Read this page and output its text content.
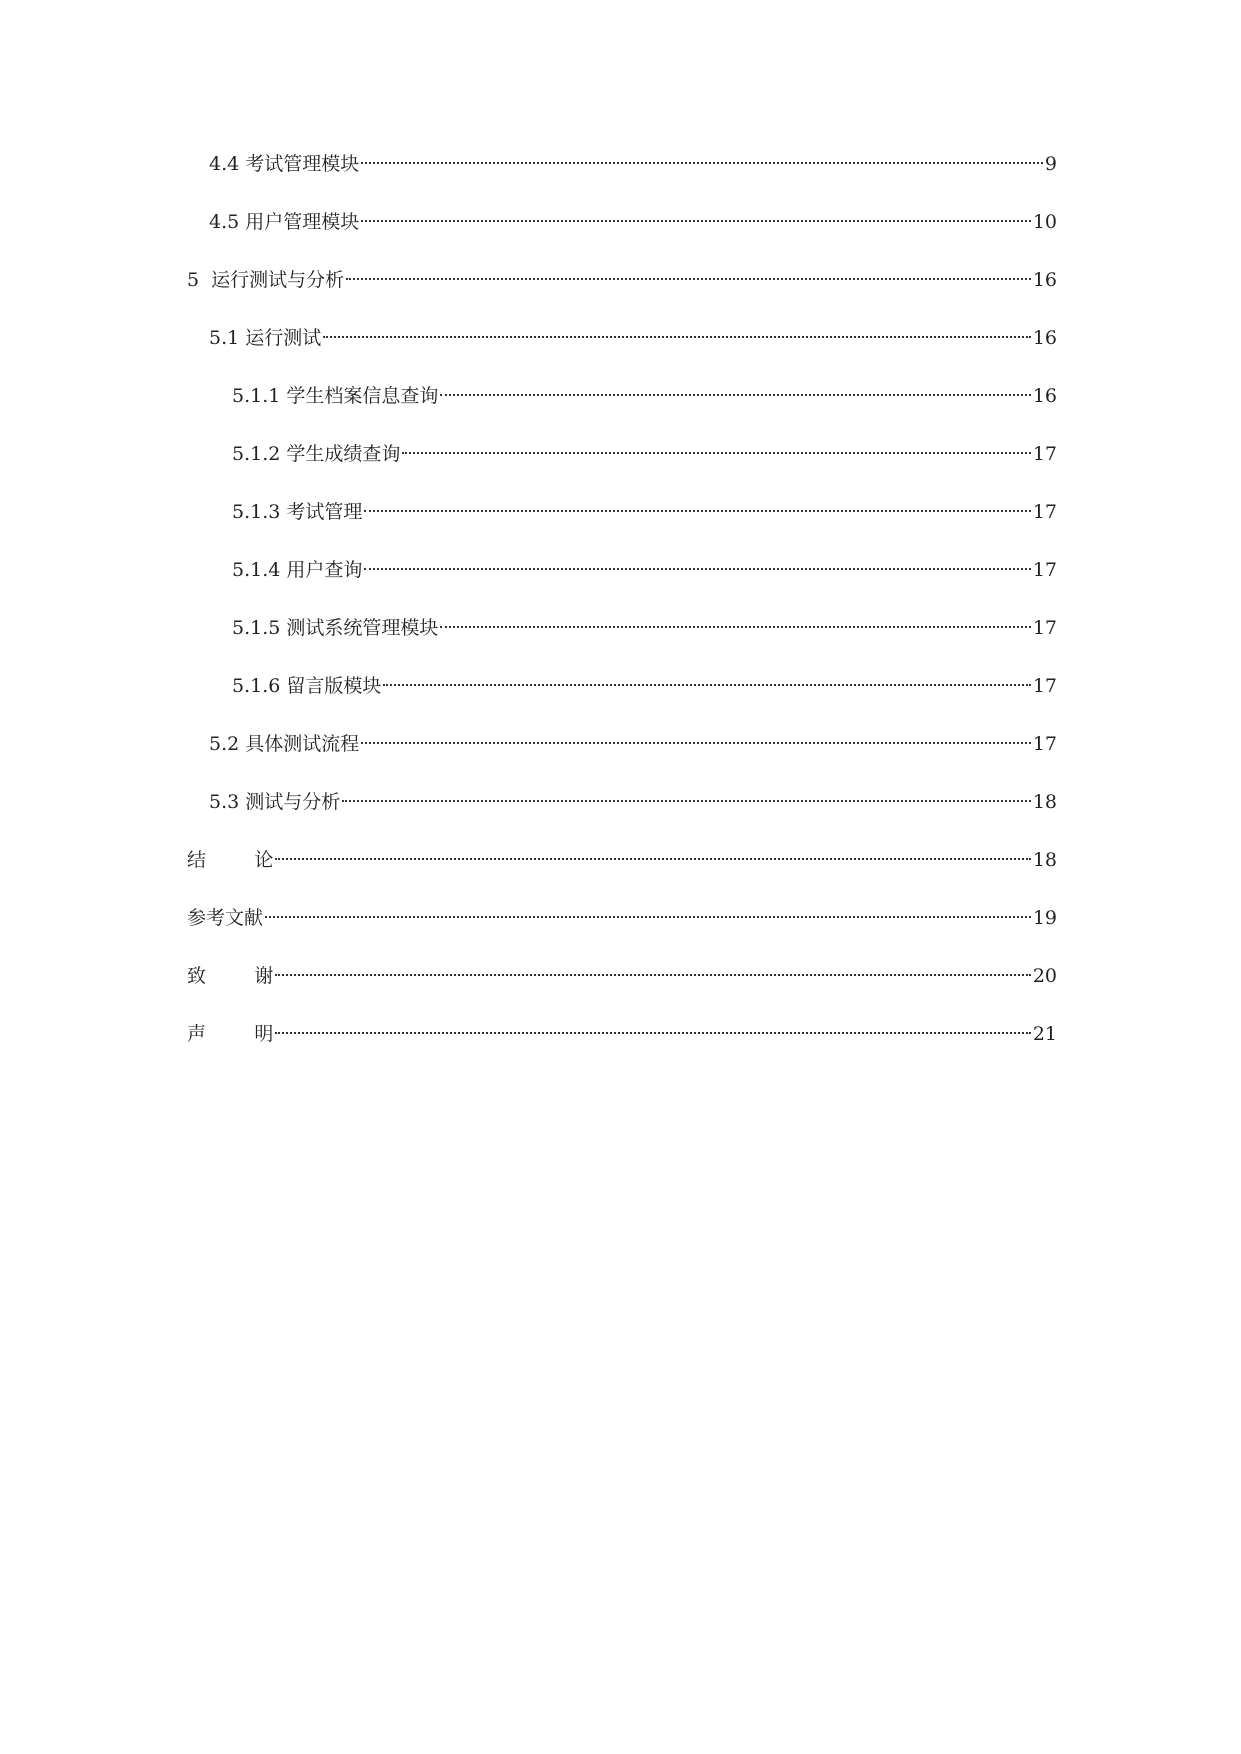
4.4 考试管理模块	9
4.5 用户管理模块	10
5  运行测试与分析	16
5.1 运行测试	16
5.1.1 学生档案信息查询	16
5.1.2 学生成绩查询	17
5.1.3 考试管理	17
5.1.4 用户查询	17
5.1.5 测试系统管理模块	17
5.1.6 留言版模块	17
5.2 具体测试流程	17
5.3 测试与分析	18
结        论	18
参考文献	19
致        谢	20
声        明	21
